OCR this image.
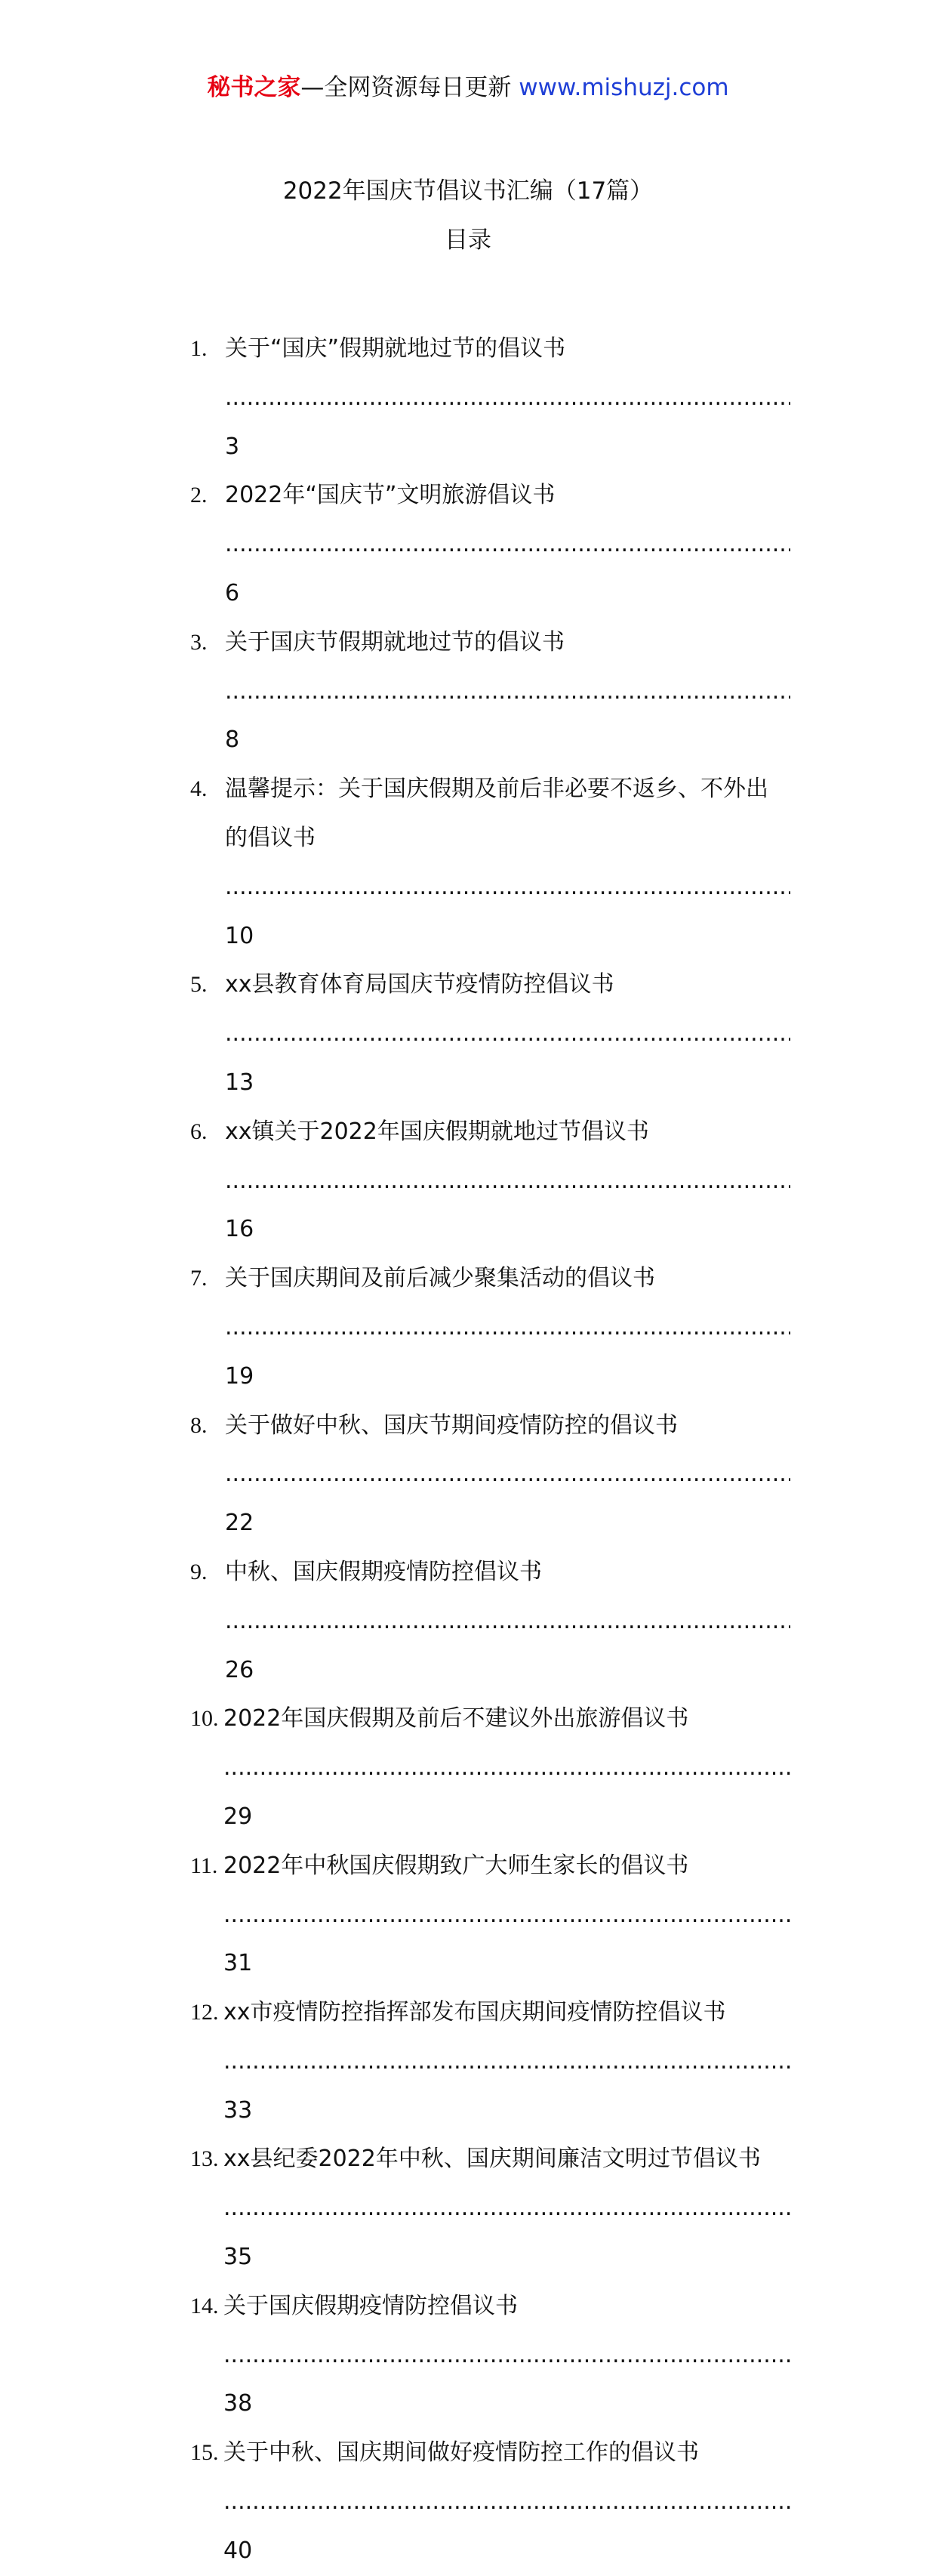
秘书之家—全网资源每日更新 www.mishuzj.com
2022年国庆节倡议书汇编（17篇）
目录
1. 关于“国庆”假期就地过节的倡议书
.....
3
2. 2022年“国庆节”文明旅游倡议书
.....
6
3. 关于国庆节假期就地过节的倡议书
.....
8
4. 温馨提示：关于国庆假期及前后非必要不返乡、不外出
的倡议书
.....
10
5. xx县教育体育局国庆节疫情防控倡议书
.....
13
6. xx镇关于2022年国庆假期就地过节倡议书
.....
16
7. 关于国庆期间及前后减少聚集活动的倡议书
.....
19
8. 关于做好中秋、国庆节期间疫情防控的倡议书
.....
22
9. 中秋、国庆假期疫情防控倡议书
.....
26
10. 2022年国庆假期及前后不建议外出旅游倡议书
.....
29
11. 2022年中秋国庆假期致广大师生家长的倡议书
.....
31
12. xx市疫情防控指挥部发布国庆期间疫情防控倡议书
.....
33
13. xx县纪委2022年中秋、国庆期间廉洁文明过节倡议书
.....
35
14. 关于国庆假期疫情防控倡议书
.....
38
15. 关于中秋、国庆期间做好疫情防控工作的倡议书
.....
40
